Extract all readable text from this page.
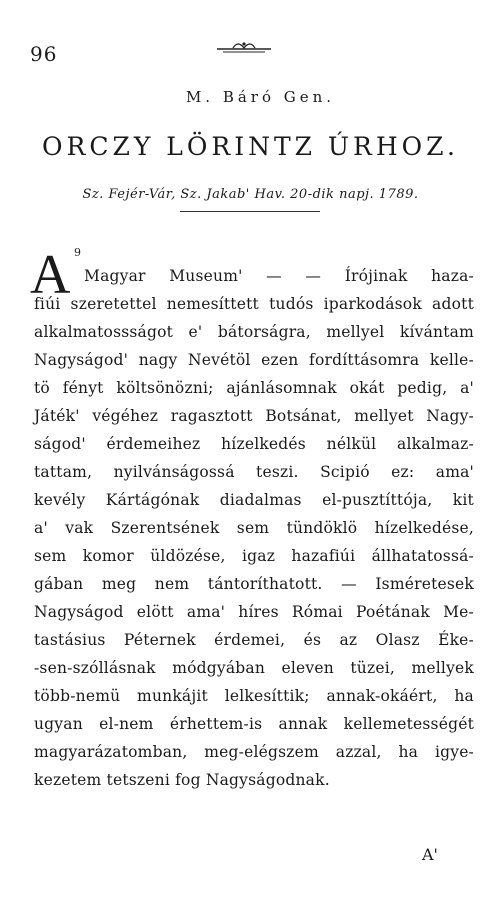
96
M. Báró Gen.
ORCZY LÖRINTZ ÚRHOZ.
Sz. Fejér-Vár, Sz. Jakab' Hav. 20-dik napj. 1789.
A 9
Magyar Museum' — — Írójinak haza-
fiúi szeretettel nemesíttett tudós iparkodások adott
alkalmatossságot e' bátorságra, mellyel kívántam
Nagyságod' nagy Nevétöl ezen fordíttásomra kelle-
tö fényt költsönözni; ajánlásomnak okát pedig, a'
Játék' végéhez ragasztott Botsánat, mellyet Nagy-
ságod' érdemeihez hízelkedés nélkül alkalmaz-
tattam, nyilvánságossá teszi. Scipió ez: ama'
kevély Kártágónak diadalmas el-pusztíttója, kit
a' vak Szerentsének sem tündöklö hízelkedése,
sem komor üldözése, igaz hazafiúi állhatatossá-
gában meg nem tántoríthatott. — Isméretesek
Nagyságod elött ama' híres Római Poétának Me-
tastásius Péternek érdemei, és az Olasz Éke-
-sen-szóllásnak módgyában eleven tüzei, mellyek
több-nemü munkájit lelkesíttik; annak-okáért, ha
ugyan el-nem érhettem-is annak kellemetességét
magyarázatomban, meg-elégszem azzal, ha igye-
kezetem tetszeni fog Nagyságodnak.
A'
